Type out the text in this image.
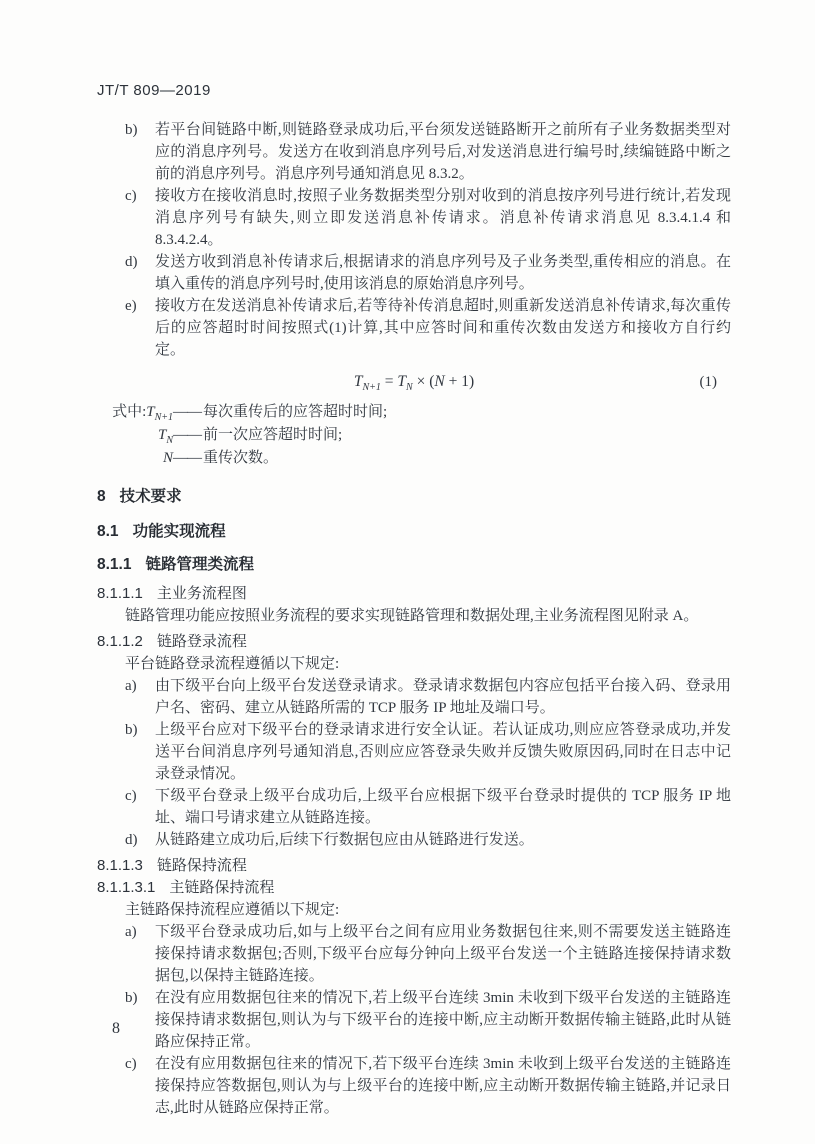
JT/T 809—2019
b)	若平台间链路中断,则链路登录成功后,平台须发送链路断开之前所有子业务数据类型对应的消息序列号。发送方在收到消息序列号后,对发送消息进行编号时,续编链路中断之前的消息序列号。消息序列号通知消息见 8.3.2。
c)	接收方在接收消息时,按照子业务数据类型分别对收到的消息按序列号进行统计,若发现消息序列号有缺失,则立即发送消息补传请求。消息补传请求消息见 8.3.4.1.4 和 8.3.4.2.4。
d)	发送方收到消息补传请求后,根据请求的消息序列号及子业务类型,重传相应的消息。在填入重传的消息序列号时,使用该消息的原始消息序列号。
e)	接收方在发送消息补传请求后,若等待补传消息超时,则重新发送消息补传请求,每次重传后的应答超时时间按照式(1)计算,其中应答时间和重传次数由发送方和接收方自行约定。
$T_{N+1} = T_N \times (N + 1)$	(1)
式中$:T_{N+1}$ —— 每次重传后的应答超时时间;
$T_N$ —— 前一次应答超时时间;
N —— 重传次数。
8 技术要求
8.1 功能实现流程
8.1.1 链路管理类流程
8.1.1.1 主业务流程图
链路管理功能应按照业务流程的要求实现链路管理和数据处理,主业务流程图见附录 A。
8.1.1.2 链路登录流程
平台链路登录流程遵循以下规定:
a)	由下级平台向上级平台发送登录请求。登录请求数据包内容应包括平台接入码、登录用户名、密码、建立从链路所需的 TCP 服务 IP 地址及端口号。
b)	上级平台应对下级平台的登录请求进行安全认证。若认证成功,则应应答登录成功,并发送平台间消息序列号通知消息,否则应应答登录失败并反馈失败原因码,同时在日志中记录登录情况。
c)	下级平台登录上级平台成功后,上级平台应根据下级平台登录时提供的 TCP 服务 IP 地址、端口号请求建立从链路连接。
d)	从链路建立成功后,后续下行数据包应由从链路进行发送。
8.1.1.3 链路保持流程
8.1.1.3.1 主链路保持流程
主链路保持流程应遵循以下规定:
a)	下级平台登录成功后,如与上级平台之间有应用业务数据包往来,则不需要发送主链路连接保持请求数据包;否则,下级平台应每分钟向上级平台发送一个主链路连接保持请求数据包,以保持主链路连接。
b)	在没有应用数据包往来的情况下,若上级平台连续 3min 未收到下级平台发送的主链路连接保持请求数据包,则认为与下级平台的连接中断,应主动断开数据传输主链路,此时从链路应保持正常。
c)	在没有应用数据包往来的情况下,若下级平台连续 3min 未收到上级平台发送的主链路连接保持应答数据包,则认为与上级平台的连接中断,应主动断开数据传输主链路,并记录日志,此时从链路应保持正常。
8
